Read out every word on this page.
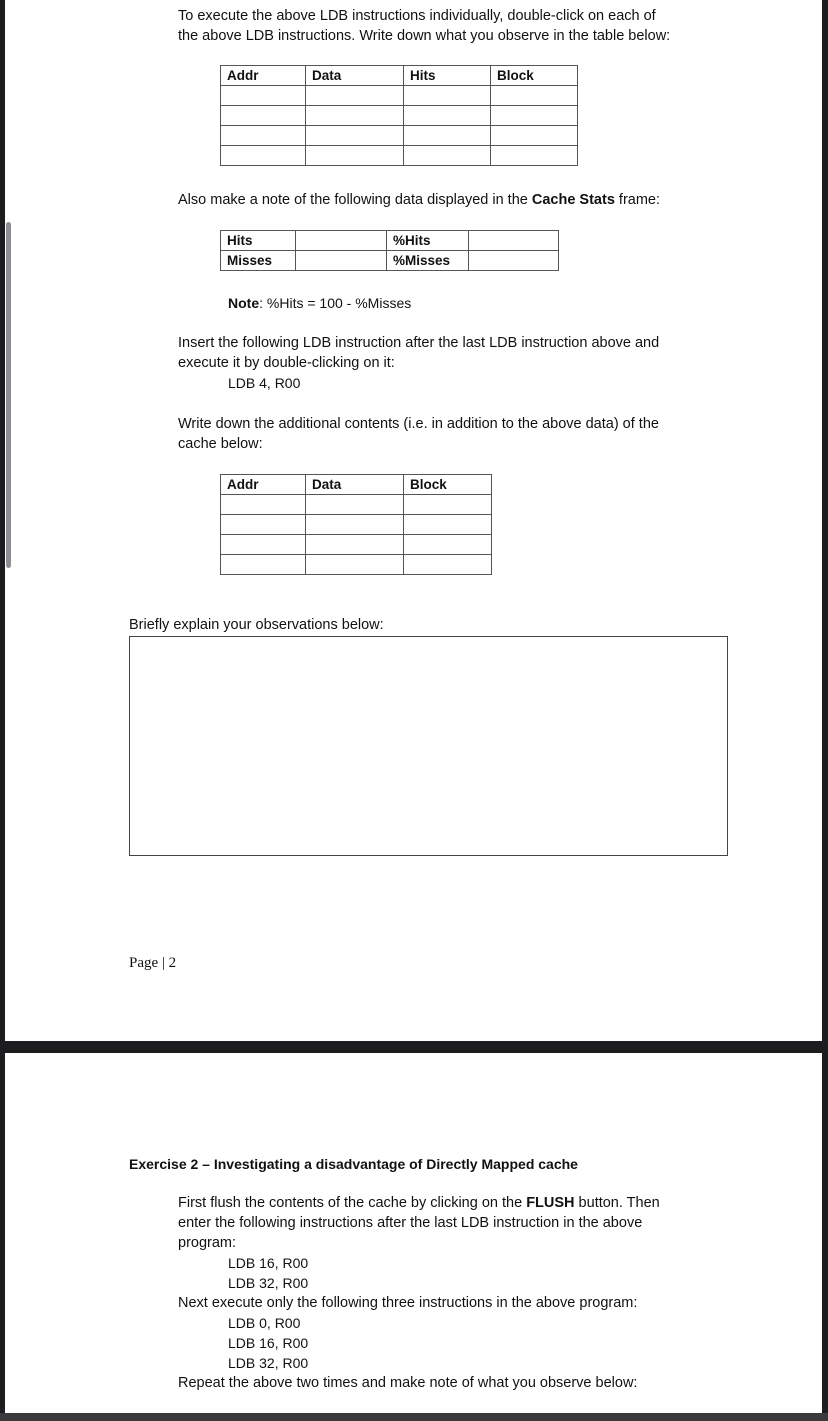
To execute the above LDB instructions individually, double-click on each of
the above LDB instructions. Write down what you observe in the table below:
Addr	Data	Hits	Block

Also make a note of the following data displayed in the Cache Stats frame:
Hits		%Hits	
Misses		%Misses	
Note: %Hits = 100 - %Misses
Insert the following LDB instruction after the last LDB instruction above and
execute it by double-clicking on it:
LDB 4, R00
Write down the additional contents (i.e. in addition to the above data) of the
cache below:
Addr	Data	Block

Briefly explain your observations below:
Page | 2
Exercise 2 – Investigating a disadvantage of Directly Mapped cache
First flush the contents of the cache by clicking on the FLUSH button. Then
enter the following instructions after the last LDB instruction in the above
program:
LDB 16, R00
LDB 32, R00
Next execute only the following three instructions in the above program:
LDB 0, R00
LDB 16, R00
LDB 32, R00
Repeat the above two times and make note of what you observe below:
